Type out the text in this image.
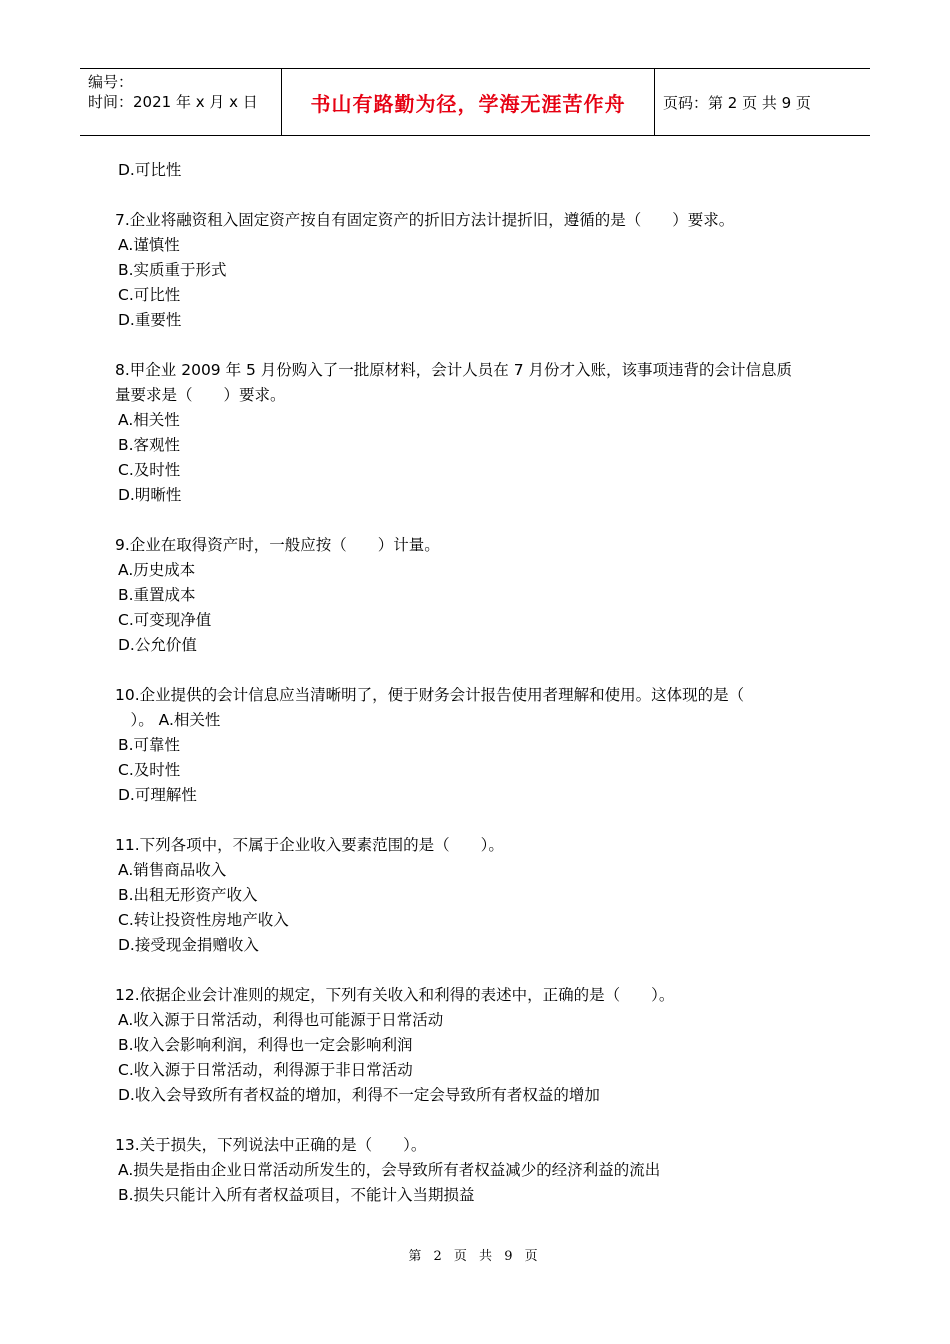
编号：
时间：2021 年 x 月 x 日	书山有路勤为径，学海无涯苦作舟	页码：第 2 页 共 9 页
D.可比性
7.企业将融资租入固定资产按自有固定资产的折旧方法计提折旧，遵循的是（　　）要求。
A.谨慎性
B.实质重于形式
C.可比性
D.重要性
8.甲企业 2009 年 5 月份购入了一批原材料，会计人员在 7 月份才入账，该事项违背的会计信息质
量要求是（　　）要求。
A.相关性
B.客观性
C.及时性
D.明晰性
9.企业在取得资产时，一般应按（　　）计量。
A.历史成本
B.重置成本
C.可变现净值
D.公允价值
10.企业提供的会计信息应当清晰明了，便于财务会计报告使用者理解和使用。这体现的是（
　）。 A.相关性
B.可靠性
C.及时性
D.可理解性
11.下列各项中，不属于企业收入要素范围的是（　　）。
A.销售商品收入
B.出租无形资产收入
C.转让投资性房地产收入
D.接受现金捐赠收入
12.依据企业会计准则的规定，下列有关收入和利得的表述中，正确的是（　　）。
A.收入源于日常活动，利得也可能源于日常活动
B.收入会影响利润，利得也一定会影响利润
C.收入源于日常活动，利得源于非日常活动
D.收入会导致所有者权益的增加，利得不一定会导致所有者权益的增加
13.关于损失，下列说法中正确的是（　　）。
A.损失是指由企业日常活动所发生的，会导致所有者权益减少的经济利益的流出
B.损失只能计入所有者权益项目，不能计入当期损益
第 2 页 共 9 页
